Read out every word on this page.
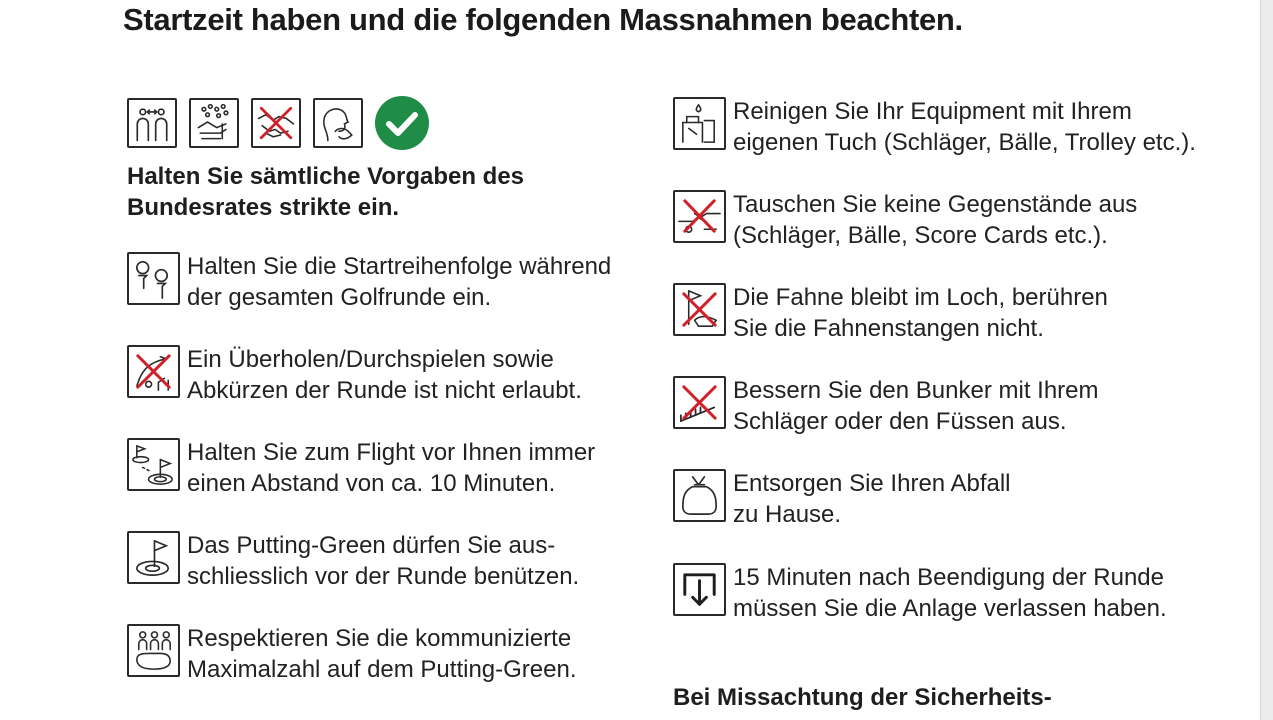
Startzeit haben und die folgenden Massnahmen beachten.
Halten Sie sämtliche Vorgaben des
Bundesrates strikte ein.
Halten Sie die Startreihenfolge während
der gesamten Golfrunde ein.
Ein Überholen/Durchspielen sowie
Abkürzen der Runde ist nicht erlaubt.
Halten Sie zum Flight vor Ihnen immer
einen Abstand von ca. 10 Minuten.
Das Putting-Green dürfen Sie aus-
schliesslich vor der Runde benützen.
Respektieren Sie die kommunizierte
Maximalzahl auf dem Putting-Green.
Reinigen Sie Ihr Equipment mit Ihrem
eigenen Tuch (Schläger, Bälle, Trolley etc.).
Tauschen Sie keine Gegenstände aus
(Schläger, Bälle, Score Cards etc.).
Die Fahne bleibt im Loch, berühren
Sie die Fahnenstangen nicht.
Bessern Sie den Bunker mit Ihrem
Schläger oder den Füssen aus.
Entsorgen Sie Ihren Abfall
zu Hause.
15 Minuten nach Beendigung der Runde
müssen Sie die Anlage verlassen haben.
Bei Missachtung der Sicherheits-
